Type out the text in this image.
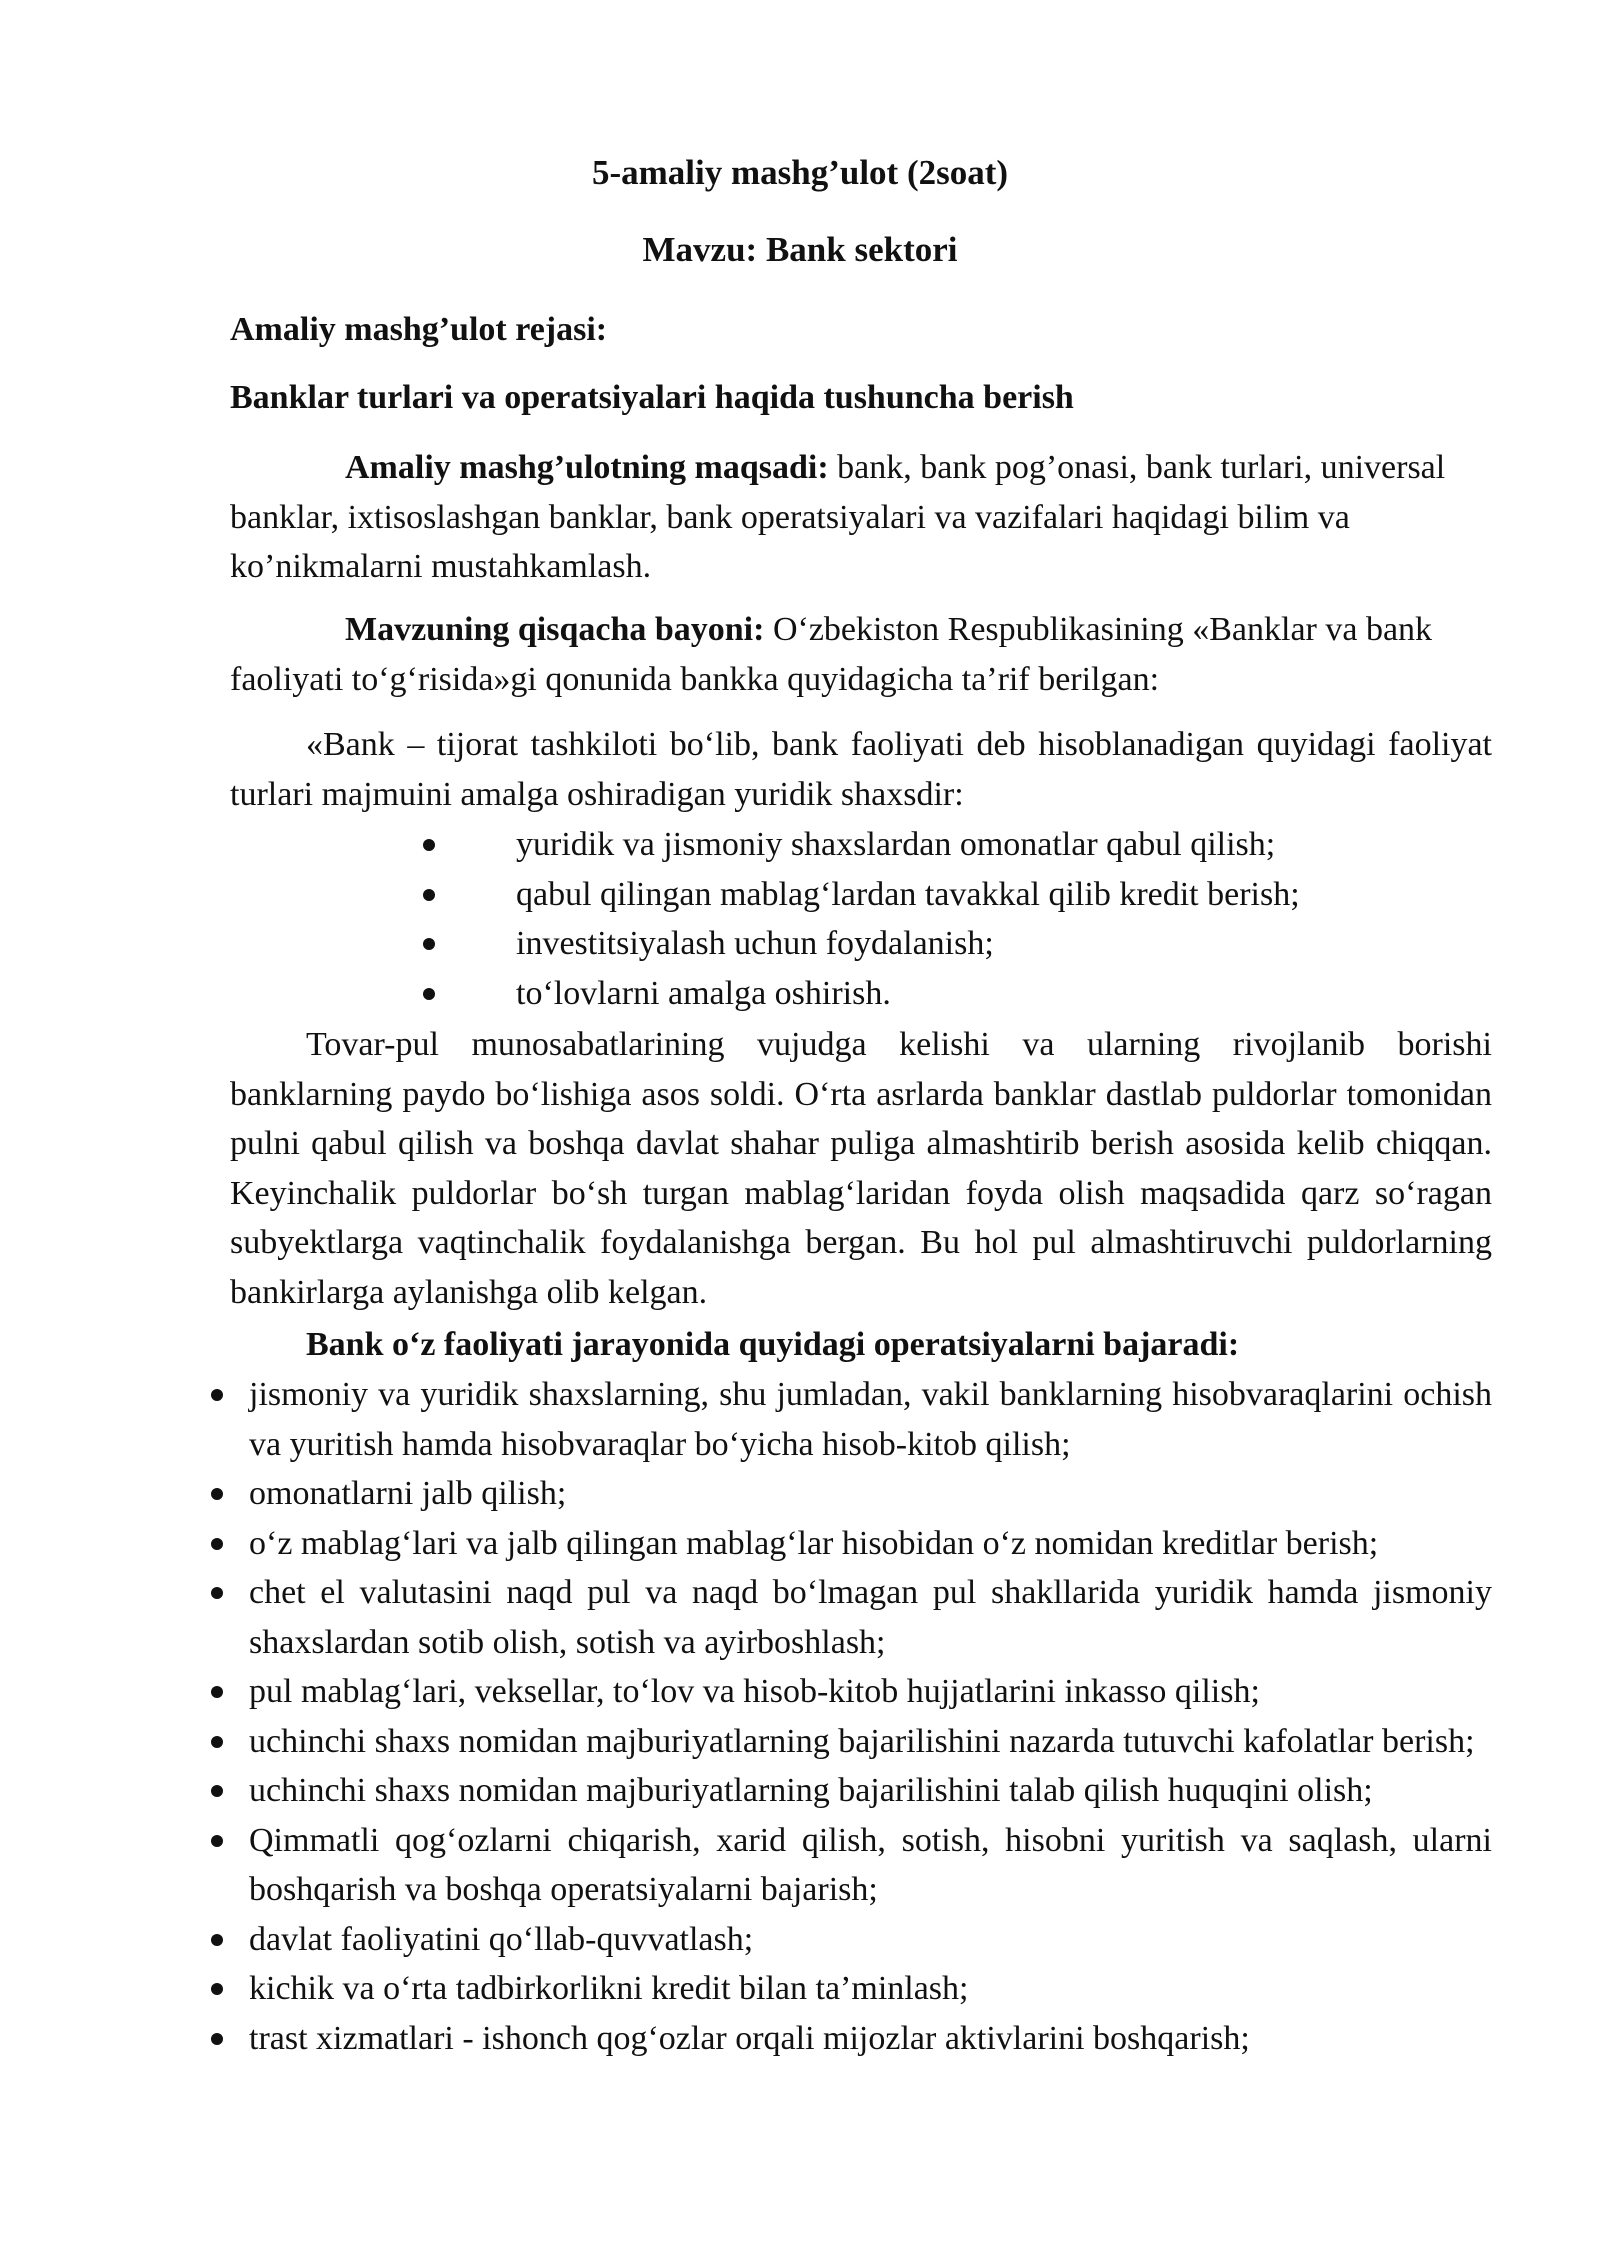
5-amaliy mashg’ulot (2soat)
Mavzu: Bank sektori
Amaliy mashg’ulot rejasi:
Banklar turlari va operatsiyalari haqida tushuncha berish

Amaliy mashg’ulotning maqsadi: bank, bank pog’onasi, bank turlari, universal banklar, ixtisoslashgan banklar, bank operatsiyalari va vazifalari haqidagi bilim va ko’nikmalarni mustahkamlash.

Mavzuning qisqacha bayoni: O‘zbekiston Respublikasining «Banklar va bank faoliyati to‘g‘risida»gi qonunida bankka quyidagicha ta’rif berilgan:

«Bank – tijorat tashkiloti bo‘lib, bank faoliyati deb hisoblanadigan quyidagi faoliyat turlari majmuini amalga oshiradigan yuridik shaxsdir:

yuridik va jismoniy shaxslardan omonatlar qabul qilish;
qabul qilingan mablag‘lardan tavakkal qilib kredit berish;
investitsiyalash uchun foydalanish;
to‘lovlarni amalga oshirish.

Tovar-pul munosabatlarining vujudga kelishi va ularning rivojlanib borishi banklarning paydo bo‘lishiga asos soldi. O‘rta asrlarda banklar dastlab puldorlar tomonidan pulni qabul qilish va boshqa davlat shahar puliga almashtirib berish asosida kelib chiqqan. Keyinchalik puldorlar bo‘sh turgan mablag‘laridan foyda olish maqsadida qarz so‘ragan subyektlarga vaqtinchalik foydalanishga bergan. Bu hol pul almashtiruvchi puldorlarning bankirlarga aylanishga olib kelgan.

Bank o‘z faoliyati jarayonida quyidagi operatsiyalarni bajaradi:
jismoniy va yuridik shaxslarning, shu jumladan, vakil banklarning hisobvaraqlarini ochish va yuritish hamda hisobvaraqlar bo‘yicha hisob-kitob qilish;
omonatlarni jalb qilish;
o‘z mablag‘lari va jalb qilingan mablag‘lar hisobidan o‘z nomidan kreditlar berish;
chet el valutasini naqd pul va naqd bo‘lmagan pul shakllarida yuridik hamda jismoniy shaxslardan sotib olish, sotish va ayirboshlash;
pul mablag‘lari, veksellar, to‘lov va hisob-kitob hujjatlarini inkasso qilish;
uchinchi shaxs nomidan majburiyatlarning bajarilishini nazarda tutuvchi kafolatlar berish;
uchinchi shaxs nomidan majburiyatlarning bajarilishini talab qilish huquqini olish;
Qimmatli qog‘ozlarni chiqarish, xarid qilish, sotish, hisobni yuritish va saqlash, ularni boshqarish va boshqa operatsiyalarni bajarish;
davlat faoliyatini qo‘llab-quvvatlash;
kichik va o‘rta tadbirkorlikni kredit bilan ta’minlash;
trast xizmatlari - ishonch qog‘ozlar orqali mijozlar aktivlarini boshqarish;
